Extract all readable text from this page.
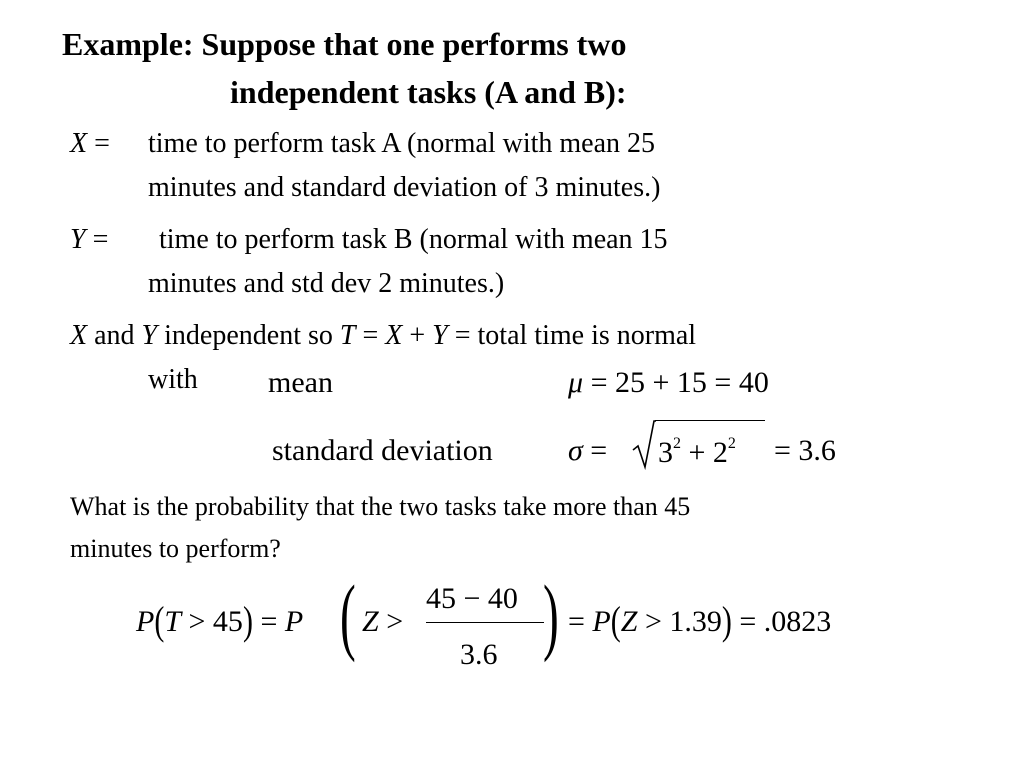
Example: Suppose that one performs two
independent tasks (A and B):
X = time to perform task A (normal with mean 25
minutes and standard deviation of 3 minutes.)
Y = time to perform task B (normal with mean 15
minutes and std dev 2 minutes.)
X and Y independent so T = X + Y = total time is normal
with mean	μ = 25 + 15 = 40
standard deviation	$\sigma = 3^2 + 2^2 = 3.6$
What is the probability that the two tasks take more than 45
minutes to perform?
P(T > 45) = P ( Z >
45 − 40
3.6 ) = P(Z > 1.39) = .0823
